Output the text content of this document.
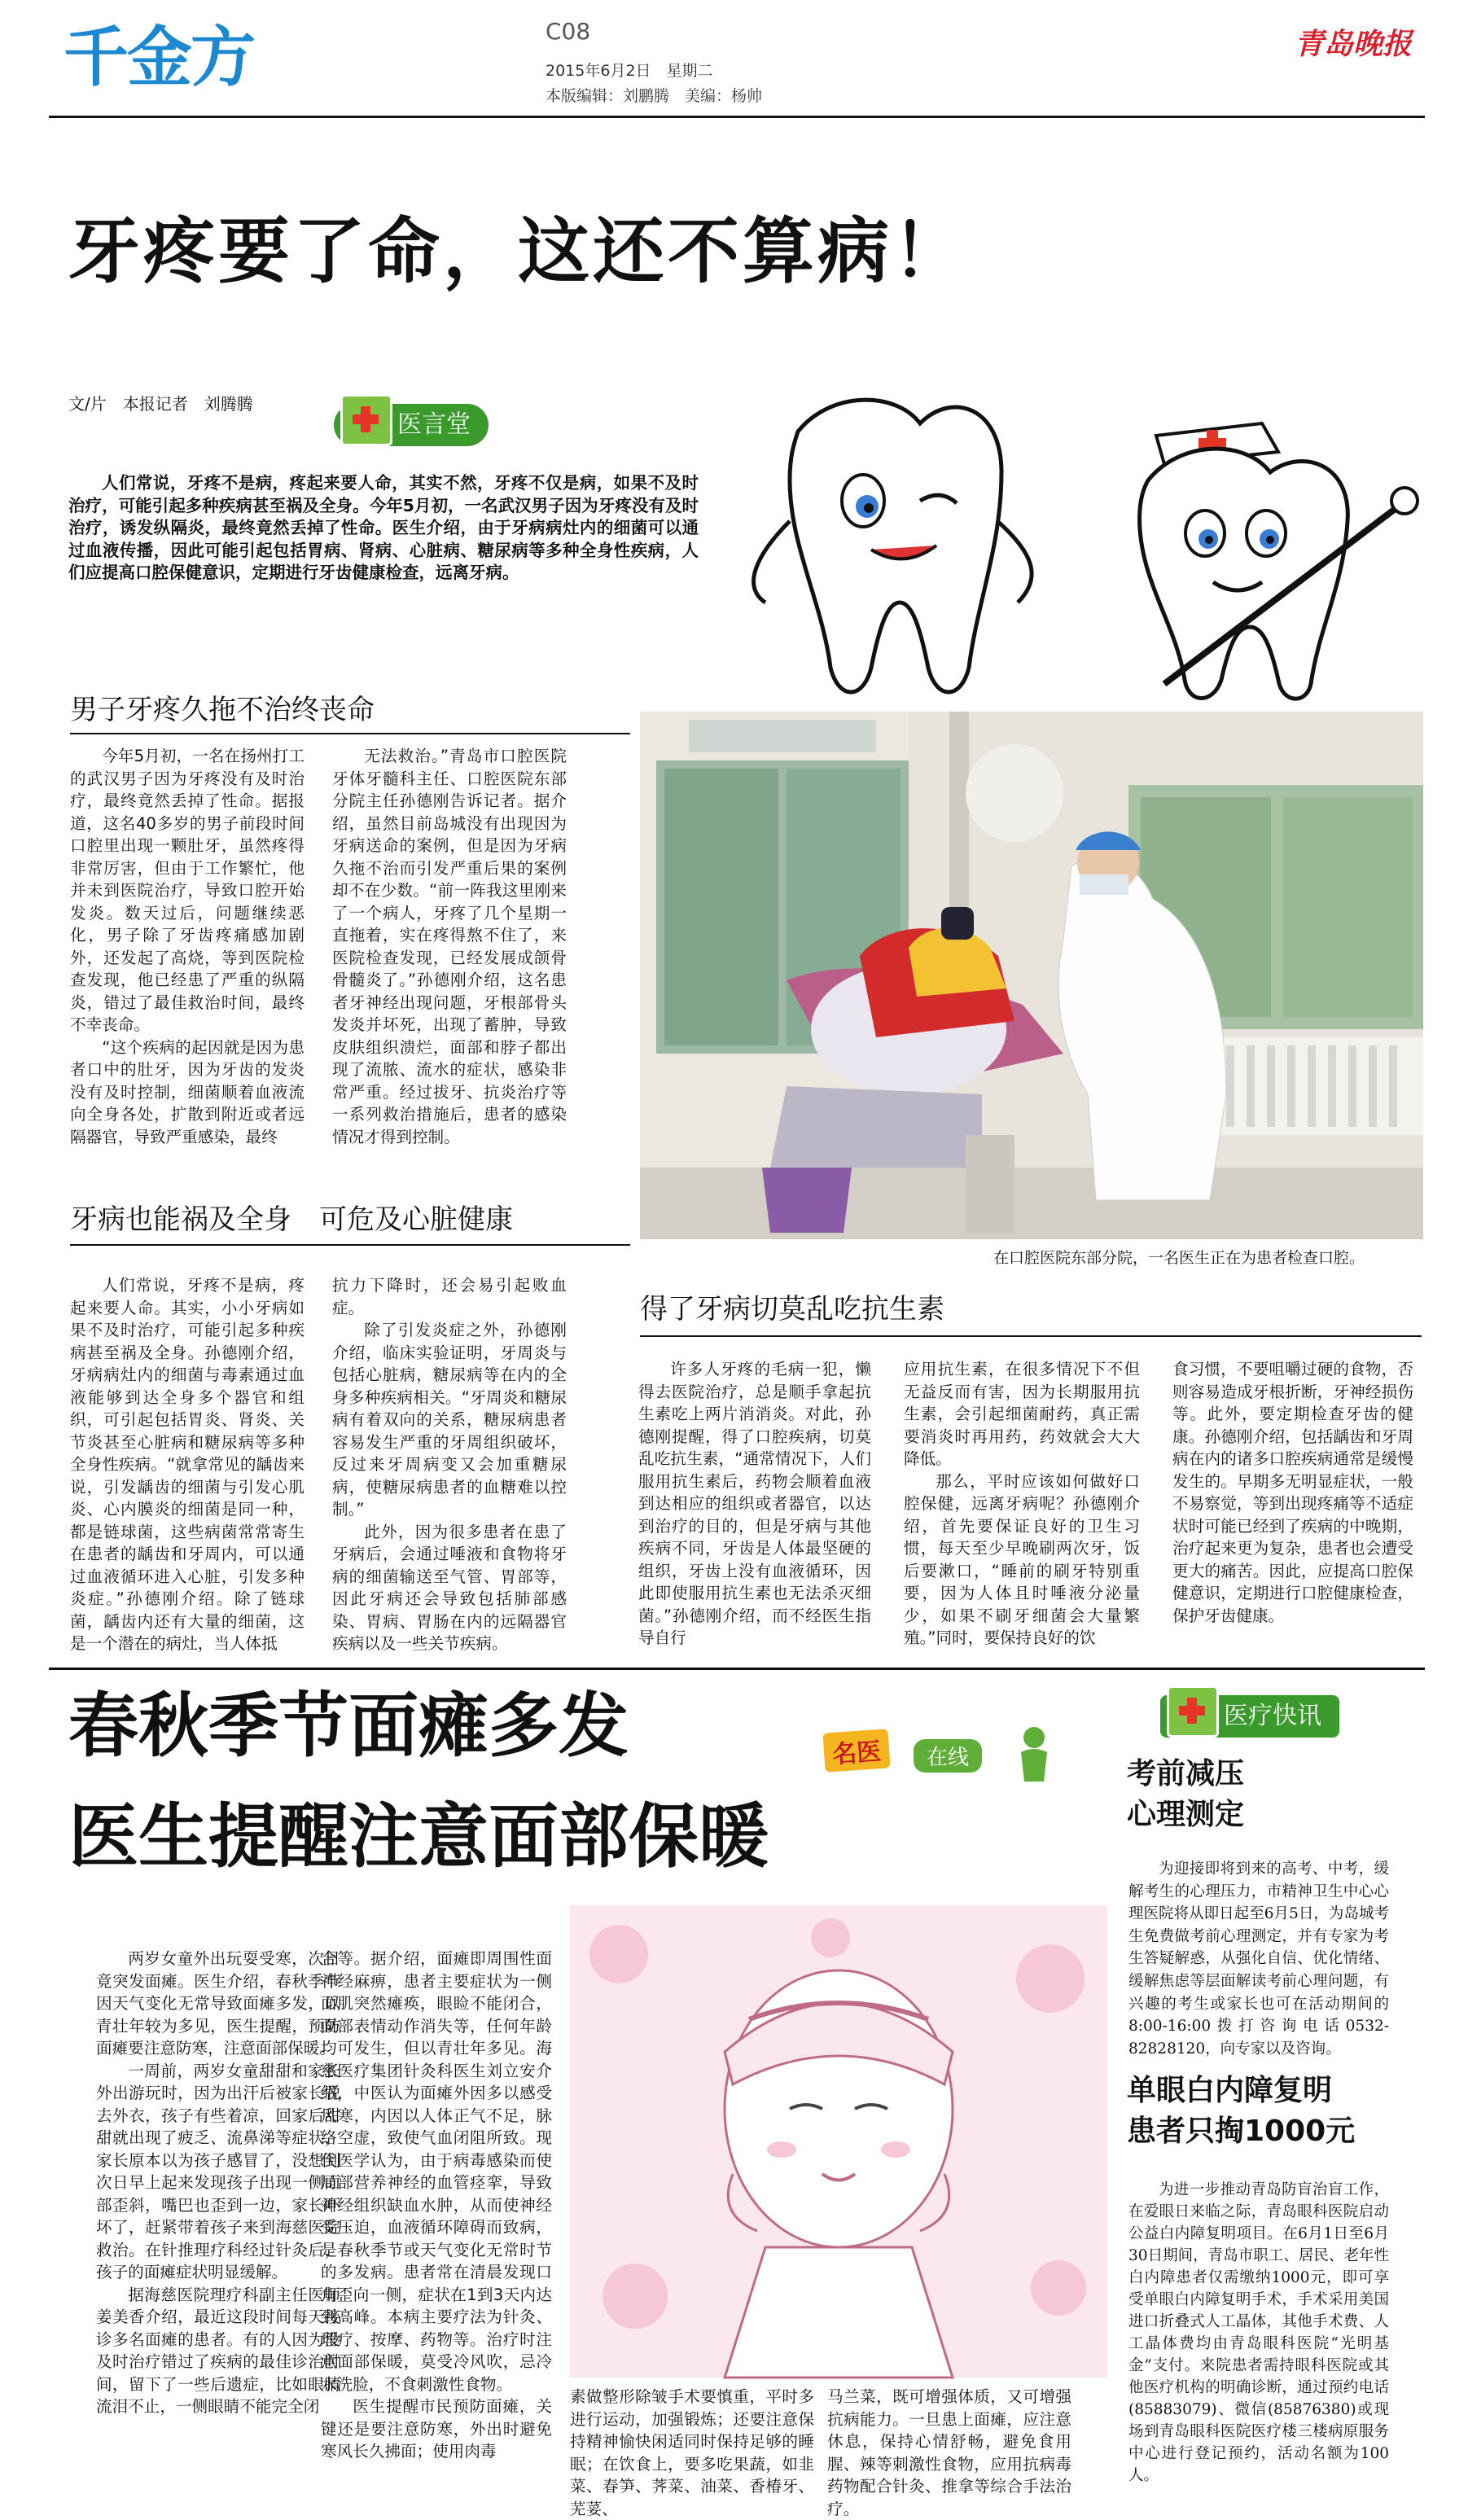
千金方	C08
2015年6月2日　星期二
本版编辑：刘鹏腾　美编：杨帅
青岛晚报
牙疼要了命，这还不算病！
文/片　本报记者　刘腾腾
医言堂

人们常说，牙疼不是病，疼起来要人命，其实不然，牙疼不仅是病，如果不及时治疗，可能引起多种疾病甚至祸及全身。今年5月初，一名武汉男子因为牙疼没有及时治疗，诱发纵隔炎，最终竟然丢掉了性命。医生介绍，由于牙病病灶内的细菌可以通过血液传播，因此可能引起包括胃病、肾病、心脏病、糖尿病等多种全身性疾病，人们应提高口腔保健意识，定期进行牙齿健康检查，远离牙病。

男子牙疼久拖不治终丧命

今年5月初，一名在扬州打工的武汉男子因为牙疼没有及时治疗，最终竟然丢掉了性命。据报道，这名40多岁的男子前段时间口腔里出现一颗肚牙，虽然疼得非常厉害，但由于工作繁忙，他并未到医院治疗，导致口腔开始发炎。数天过后，问题继续恶化，男子除了牙齿疼痛感加剧外，还发起了高烧，等到医院检查发现，他已经患了严重的纵隔炎，错过了最佳救治时间，最终不幸丧命。

“这个疾病的起因就是因为患者口中的肚牙，因为牙齿的发炎没有及时控制，细菌顺着血液流向全身各处，扩散到附近或者远隔器官，导致严重感染，最终

无法救治。”青岛市口腔医院牙体牙髓科主任、口腔医院东部分院主任孙德刚告诉记者。据介绍，虽然目前岛城没有出现因为牙病送命的案例，但是因为牙病久拖不治而引发严重后果的案例却不在少数。“前一阵我这里刚来了一个病人，牙疼了几个星期一直拖着，实在疼得熬不住了，来医院检查发现，已经发展成颌骨骨髓炎了。”孙德刚介绍，这名患者牙神经出现问题，牙根部骨头发炎并坏死，出现了蓄肿，导致皮肤组织溃烂，面部和脖子都出现了流脓、流水的症状，感染非常严重。经过拔牙、抗炎治疗等一系列救治措施后，患者的感染情况才得到控制。

在口腔医院东部分院，一名医生正在为患者检查口腔。
牙病也能祸及全身　可危及心脏健康

人们常说，牙疼不是病，疼起来要人命。其实，小小牙病如果不及时治疗，可能引起多种疾病甚至祸及全身。孙德刚介绍，牙病病灶内的细菌与毒素通过血液能够到达全身多个器官和组织，可引起包括胃炎、肾炎、关节炎甚至心脏病和糖尿病等多种全身性疾病。“就拿常见的龋齿来说，引发龋齿的细菌与引发心肌炎、心内膜炎的细菌是同一种，都是链球菌，这些病菌常常寄生在患者的龋齿和牙周内，可以通过血液循环进入心脏，引发多种炎症。”孙德刚介绍。除了链球菌，龋齿内还有大量的细菌，这是一个潜在的病灶，当人体抵

抗力下降时，还会易引起败血症。

除了引发炎症之外，孙德刚介绍，临床实验证明，牙周炎与包括心脏病，糖尿病等在内的全身多种疾病相关。“牙周炎和糖尿病有着双向的关系，糖尿病患者容易发生严重的牙周组织破坏，反过来牙周病变又会加重糖尿病，使糖尿病患者的血糖难以控制。”

此外，因为很多患者在患了牙病后，会通过唾液和食物将牙病的细菌输送至气管、胃部等，因此牙病还会导致包括肺部感染、胃病、胃肠在内的远隔器官疾病以及一些关节疾病。

得了牙病切莫乱吃抗生素

许多人牙疼的毛病一犯，懒得去医院治疗，总是顺手拿起抗生素吃上两片消消炎。对此，孙德刚提醒，得了口腔疾病，切莫乱吃抗生素，“通常情况下，人们服用抗生素后，药物会顺着血液到达相应的组织或者器官，以达到治疗的目的，但是牙病与其他疾病不同，牙齿是人体最坚硬的组织，牙齿上没有血液循环，因此即使服用抗生素也无法杀灭细菌。”孙德刚介绍，而不经医生指导自行

应用抗生素，在很多情况下不但无益反而有害，因为长期服用抗生素，会引起细菌耐药，真正需要消炎时再用药，药效就会大大降低。

那么，平时应该如何做好口腔保健，远离牙病呢？孙德刚介绍，首先要保证良好的卫生习惯，每天至少早晚刷两次牙，饭后要漱口，“睡前的刷牙特别重要，因为人体且时唾液分泌量少，如果不刷牙细菌会大量繁殖。”同时，要保持良好的饮

食习惯，不要咀嚼过硬的食物，否则容易造成牙根折断，牙神经损伤等。此外，要定期检查牙齿的健康。孙德刚介绍，包括龋齿和牙周病在内的诸多口腔疾病通常是缓慢发生的。早期多无明显症状，一般不易察觉，等到出现疼痛等不适症状时可能已经到了疾病的中晚期，治疗起来更为复杂，患者也会遭受更大的痛苦。因此，应提高口腔保健意识，定期进行口腔健康检查，保护牙齿健康。

春秋季节面瘫多发
医生提醒注意面部保暖
名医	在线

两岁女童外出玩耍受寒，次日竟突发面瘫。医生介绍，春秋季节因天气变化无常导致面瘫多发，以青壮年较为多见，医生提醒，预防面瘫要注意防寒，注意面部保暖。

一周前，两岁女童甜甜和家长外出游玩时，因为出汗后被家长脱去外衣，孩子有些着凉，回家后甜甜就出现了疲乏、流鼻涕等症状，家长原本以为孩子感冒了，没想到次日早上起来发现孩子出现一侧面部歪斜，嘴巴也歪到一边，家长吓坏了，赶紧带着孩子来到海慈医院救治。在针推理疗科经过针灸后，孩子的面瘫症状明显缓解。

据海慈医院理疗科副主任医师姜美香介绍，最近这段时间每天接诊多名面瘫的患者。有的人因为没及时治疗错过了疾病的最佳诊治时间，留下了一些后遗症，比如眼睛流泪不止，一侧眼睛不能完全闭

合等。据介绍，面瘫即周围性面神经麻痹，患者主要症状为一侧面肌突然瘫痪，眼睑不能闭合，面部表情动作消失等，任何年龄均可发生，但以青壮年多见。海慈医疗集团针灸科医生刘立安介绍，中医认为面瘫外因多以感受风寒，内因以人体正气不足，脉络空虚，致使气血闭阻所致。现代医学认为，由于病毒感染而使局部营养神经的血管痉挛，导致神经组织缺血水肿，从而使神经受压迫，血液循环障碍而致病，是春秋季节或天气变化无常时节的多发病。患者常在清晨发现口角歪向一侧，症状在1到3天内达到高峰。本病主要疗法为针灸、理疗、按摩、药物等。治疗时注意面部保暖，莫受冷风吹，忌冷水洗脸，不食刺激性食物。

医生提醒市民预防面瘫，关键还是要注意防寒，外出时避免寒风长久拂面；使用肉毒

素做整形除皱手术要慎重，平时多进行运动，加强锻炼；还要注意保持精神愉快闲适同时保持足够的睡眠；在饮食上，要多吃果蔬，如韭菜、春笋、荠菜、油菜、香椿牙、芜荽、

马兰菜，既可增强体质，又可增强抗病能力。一旦患上面瘫，应注意休息，保持心情舒畅，避免食用腥、辣等刺激性食物，应用抗病毒药物配合针灸、推拿等综合手法治疗。

医疗快讯
考前减压
心理测定

为迎接即将到来的高考、中考，缓解考生的心理压力，市精神卫生中心心理医院将从即日起至6月5日，为岛城考生免费做考前心理测定，并有专家为考生答疑解惑，从强化自信、优化情绪、缓解焦虑等层面解读考前心理问题，有兴趣的考生或家长也可在活动期间的8:00-16:00拨打咨询电话0532-82828120，向专家以及咨询。

单眼白内障复明
患者只掏1000元

为进一步推动青岛防盲治盲工作，在爱眼日来临之际，青岛眼科医院启动公益白内障复明项目。在6月1日至6月30日期间，青岛市职工、居民、老年性白内障患者仅需缴纳1000元，即可享受单眼白内障复明手术，手术采用美国进口折叠式人工晶体，其他手术费、人工晶体费均由青岛眼科医院“光明基金”支付。来院患者需持眼科医院或其他医疗机构的明确诊断，通过预约电话(85883079)、微信(85876380)或现场到青岛眼科医院医疗楼三楼病原服务中心进行登记预约，活动名额为100人。
